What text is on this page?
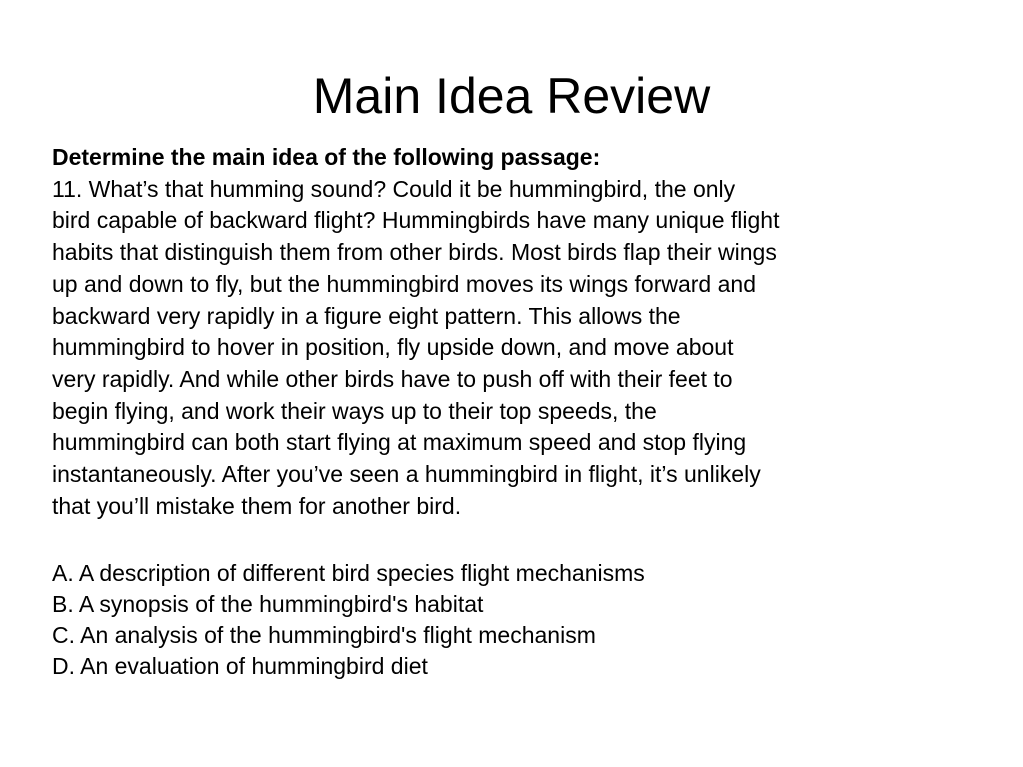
Main Idea Review

Determine the main idea of the following passage:

11. What’s that humming sound? Could it be hummingbird, the only
bird capable of backward flight? Hummingbirds have many unique flight
habits that distinguish them from other birds. Most birds flap their wings
up and down to fly, but the hummingbird moves its wings forward and
backward very rapidly in a figure eight pattern. This allows the
hummingbird to hover in position, fly upside down, and move about
very rapidly. And while other birds have to push off with their feet to
begin flying, and work their ways up to their top speeds, the
hummingbird can both start flying at maximum speed and stop flying
instantaneously. After you’ve seen a hummingbird in flight, it’s unlikely
that you’ll mistake them for another bird.

A. A description of different bird species flight mechanisms
B. A synopsis of the hummingbird's habitat
C. An analysis of the hummingbird's flight mechanism
D. An evaluation of hummingbird diet
